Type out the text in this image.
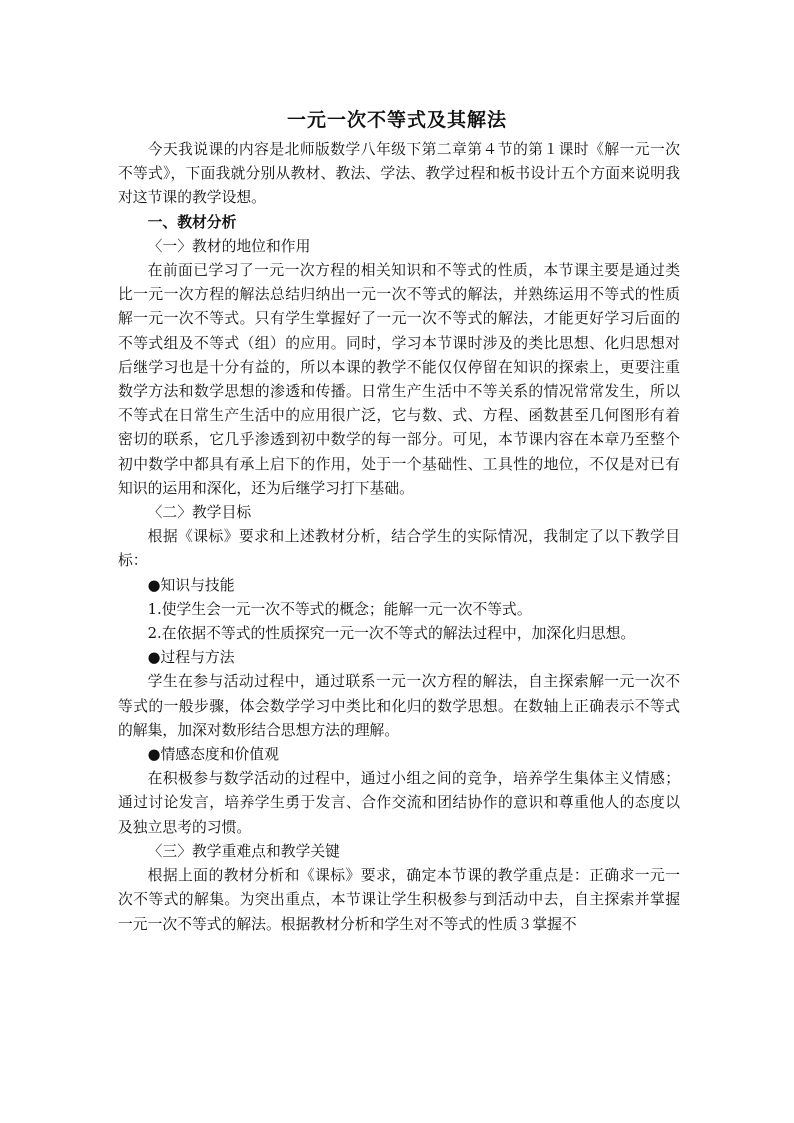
一元一次不等式及其解法

今天我说课的内容是北师版数学八年级下第二章第４节的第１课时《解一元一次不等式》，下面我就分别从教材、教法、学法、教学过程和板书设计五个方面来说明我对这节课的教学设想。

一、教材分析

〈一〉教材的地位和作用

在前面已学习了一元一次方程的相关知识和不等式的性质，本节课主要是通过类比一元一次方程的解法总结归纳出一元一次不等式的解法，并熟练运用不等式的性质解一元一次不等式。只有学生掌握好了一元一次不等式的解法，才能更好学习后面的不等式组及不等式（组）的应用。同时，学习本节课时涉及的类比思想、化归思想对后继学习也是十分有益的，所以本课的教学不能仅仅停留在知识的探索上，更要注重数学方法和数学思想的渗透和传播。日常生产生活中不等关系的情况常常发生，所以不等式在日常生产生活中的应用很广泛，它与数、式、方程、函数甚至几何图形有着密切的联系，它几乎渗透到初中数学的每一部分。可见，本节课内容在本章乃至整个初中数学中都具有承上启下的作用，处于一个基础性、工具性的地位，不仅是对已有知识的运用和深化，还为后继学习打下基础。

〈二〉教学目标

根据《课标》要求和上述教材分析，结合学生的实际情况，我制定了以下教学目标：

●知识与技能

1.使学生会一元一次不等式的概念；能解一元一次不等式。

2.在依据不等式的性质探究一元一次不等式的解法过程中，加深化归思想。

●过程与方法

学生在参与活动过程中，通过联系一元一次方程的解法，自主探索解一元一次不等式的一般步骤，体会数学学习中类比和化归的数学思想。在数轴上正确表示不等式的解集，加深对数形结合思想方法的理解。

●情感态度和价值观

在积极参与数学活动的过程中，通过小组之间的竞争，培养学生集体主义情感；通过讨论发言，培养学生勇于发言、合作交流和团结协作的意识和尊重他人的态度以及独立思考的习惯。

〈三〉教学重难点和教学关键

根据上面的教材分析和《课标》要求，确定本节课的教学重点是：正确求一元一次不等式的解集。为突出重点，本节课让学生积极参与到活动中去，自主探索并掌握一元一次不等式的解法。根据教材分析和学生对不等式的性质３掌握不
